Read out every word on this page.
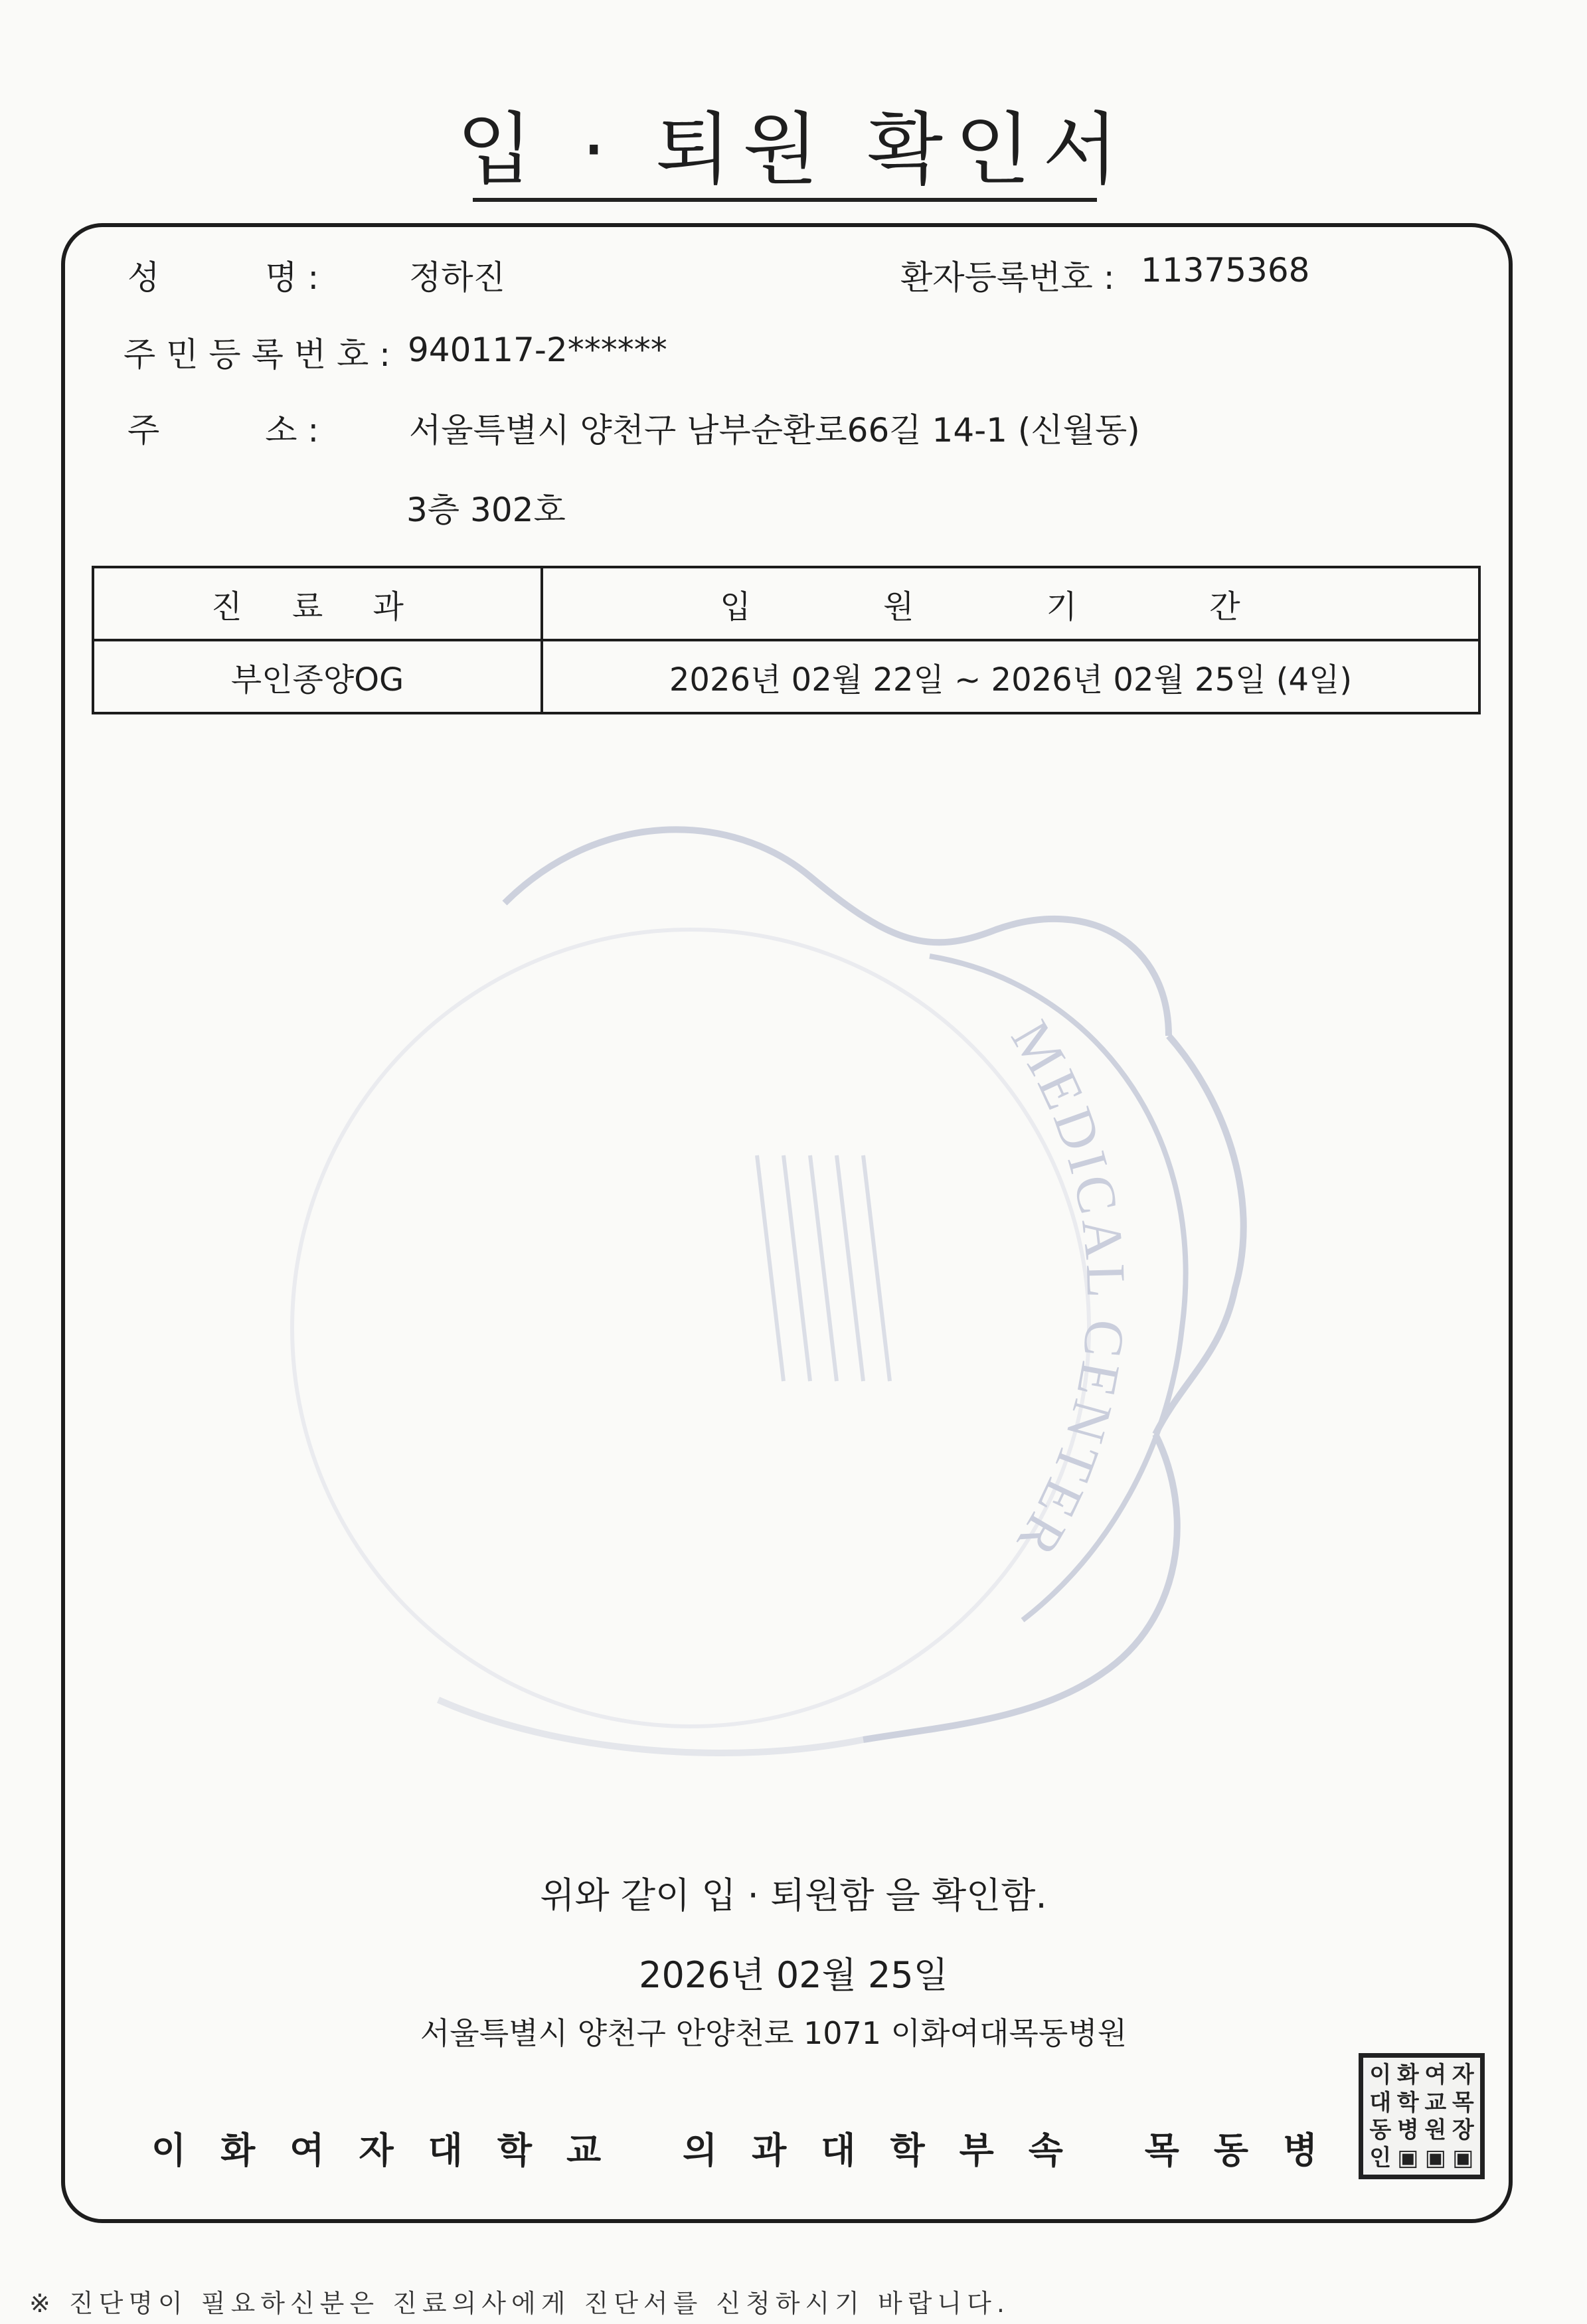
입 · 퇴원 확인서
성          명 :	정하진	환자등록번호 : 11375368
주 민 등 록 번 호 : 940117-2******
주          소 :	서울특별시 양천구 남부순환로66길 14-1 (신월동)
3층 302호
진 료 과	입 원 기 간
부인종양OG	2026년 02월 22일 ~ 2026년 02월 25일 (4일)
MEDICAL CENTER
위와 같이 입 · 퇴원함 을 확인함.
2026년 02월 25일
서울특별시 양천구 안양천로 1071 이화여대목동병원
이화여자대학교 의과대학부속 목동병
이 화 여 자
대 학 교 목
동 병 원 장
인 ▣ ▣ ▣
※ 진단명이 필요하신분은 진료의사에게 진단서를 신청하시기 바랍니다.
